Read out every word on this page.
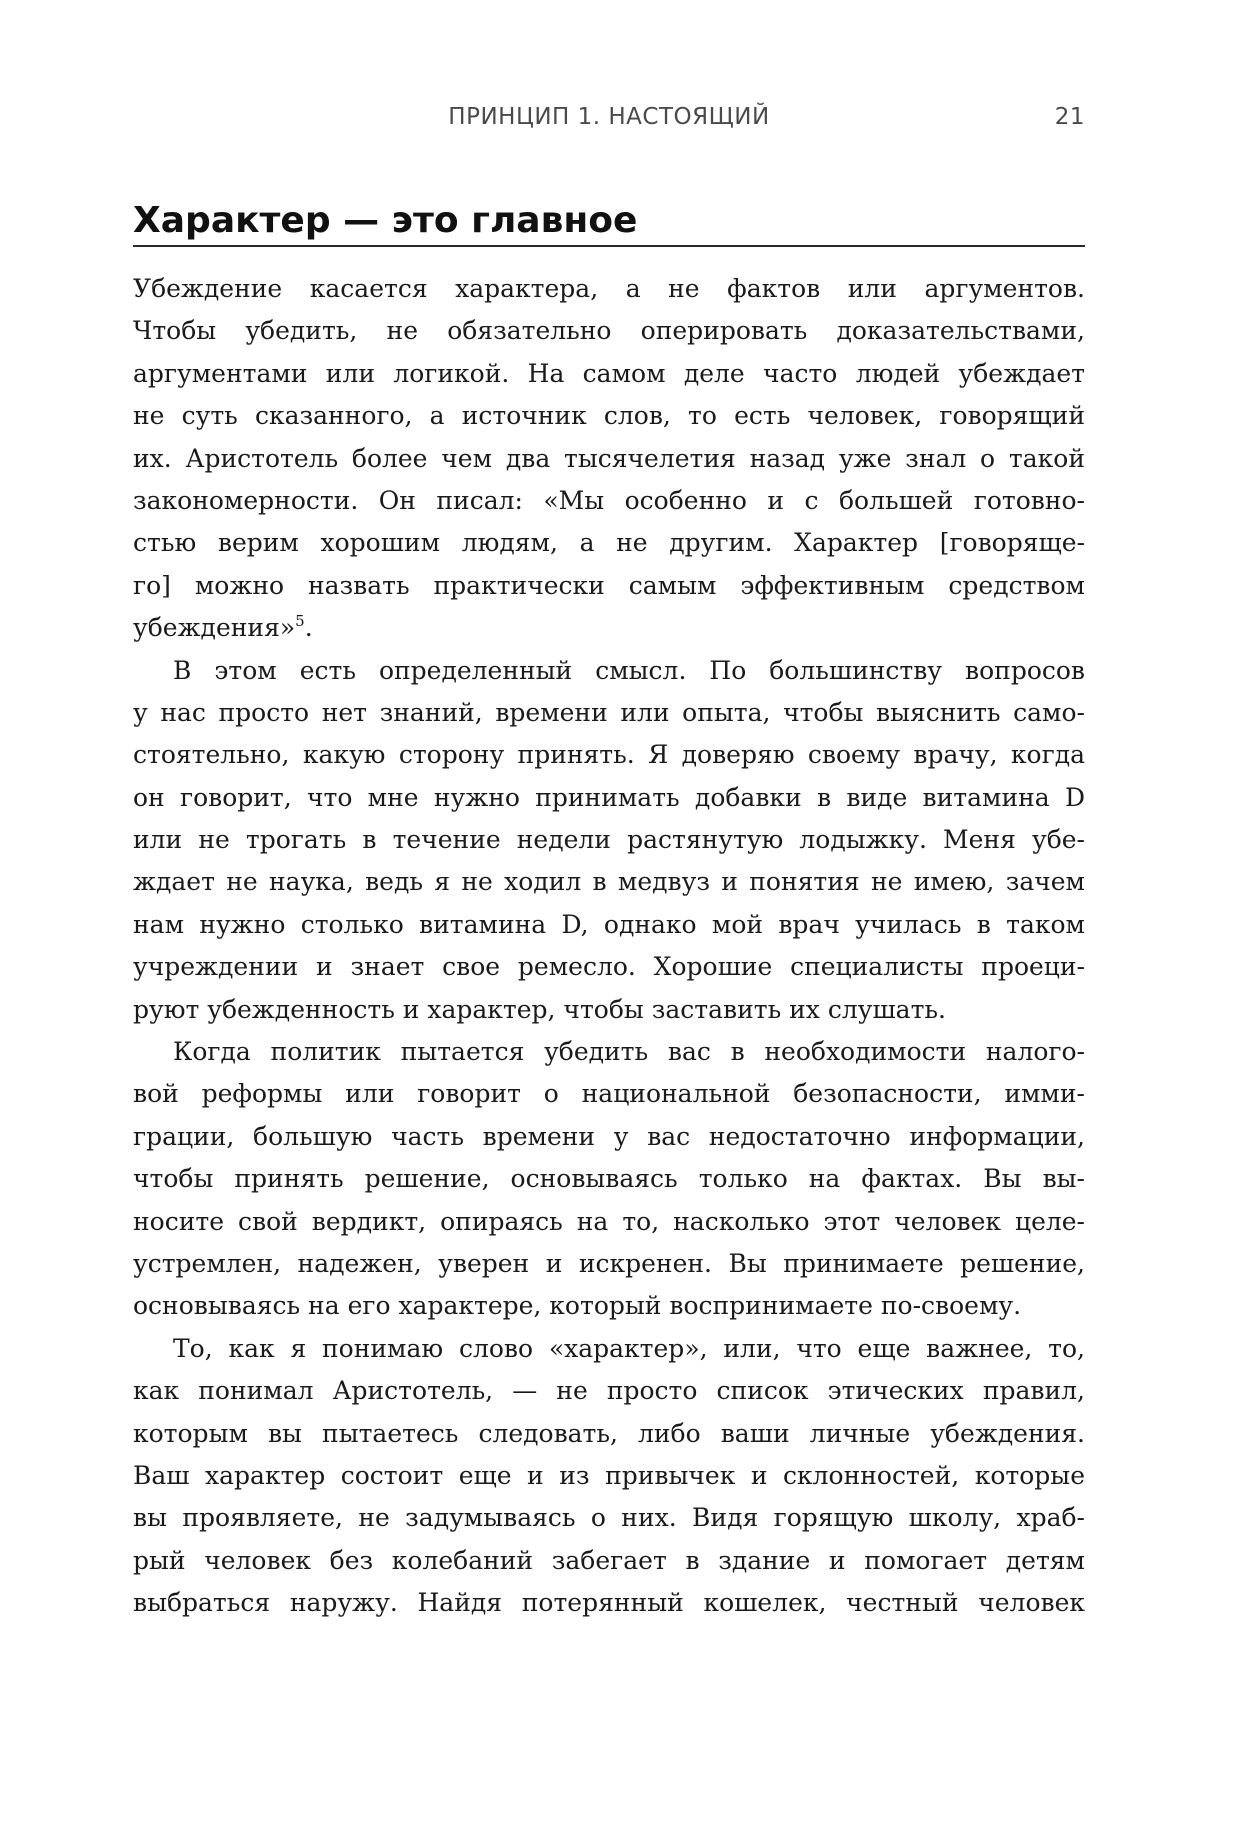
ПРИНЦИП 1. НАСТОЯЩИЙ	21
Характер — это главное
Убеждение касается характера, а не фактов или аргументов.
Чтобы убедить, не обязательно оперировать доказательствами,
аргументами или логикой. На самом деле часто людей убеждает
не суть сказанного, а источник слов, то есть человек, говорящий
их. Аристотель более чем два тысячелетия назад уже знал о такой
закономерности. Он писал: «Мы особенно и с большей готовно-
стью верим хорошим людям, а не другим. Характер [говоряще-
го] можно назвать практически самым эффективным средством
убеждения»$^5$.
В этом есть определенный смысл. По большинству вопросов
у нас просто нет знаний, времени или опыта, чтобы выяснить само-
стоятельно, какую сторону принять. Я доверяю своему врачу, когда
он говорит, что мне нужно принимать добавки в виде витамина D
или не трогать в течение недели растянутую лодыжку. Меня убе-
ждает не наука, ведь я не ходил в медвуз и понятия не имею, зачем
нам нужно столько витамина D, однако мой врач училась в таком
учреждении и знает свое ремесло. Хорошие специалисты проеци-
руют убежденность и характер, чтобы заставить их слушать.
Когда политик пытается убедить вас в необходимости налого-
вой реформы или говорит о национальной безопасности, имми-
грации, большую часть времени у вас недостаточно информации,
чтобы принять решение, основываясь только на фактах. Вы вы-
носите свой вердикт, опираясь на то, насколько этот человек целе-
устремлен, надежен, уверен и искренен. Вы принимаете решение,
основываясь на его характере, который воспринимаете по-своему.
То, как я понимаю слово «характер», или, что еще важнее, то,
как понимал Аристотель, — не просто список этических правил,
которым вы пытаетесь следовать, либо ваши личные убеждения.
Ваш характер состоит еще и из привычек и склонностей, которые
вы проявляете, не задумываясь о них. Видя горящую школу, храб-
рый человек без колебаний забегает в здание и помогает детям
выбраться наружу. Найдя потерянный кошелек, честный человек
